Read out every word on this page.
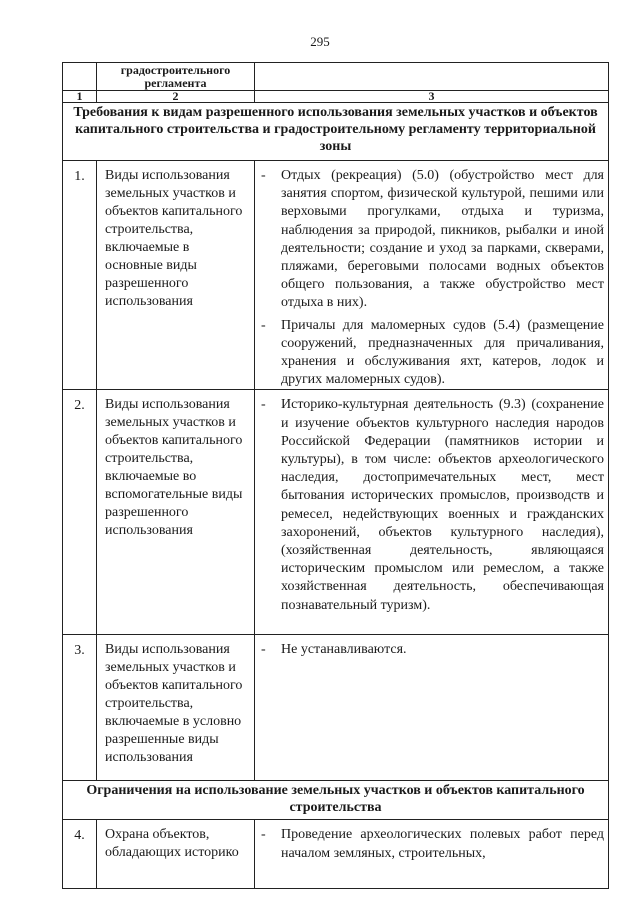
295
	градостроительного регламента	
1	2	3
Требования к видам разрешенного использования земельных участков и объектов капитального строительства и градостроительному регламенту территориальной зоны		
1.	Виды использования земельных участков и объектов капитального строительства, включаемые в основные виды разрешенного использования	- Отдых (рекреация) (5.0) (обустройство мест для занятия спортом, физической культурой, пешими или верховыми прогулками, отдыха и туризма, наблюдения за природой, пикников, рыбалки и иной деятельности; создание и уход за парками, скверами, пляжами, береговыми полосами водных объектов общего пользования, а также обустройство мест отдыха в них).
- Причалы для маломерных судов (5.4) (размещение сооружений, предназначенных для причаливания, хранения и обслуживания яхт, катеров, лодок и других маломерных судов).

2.	Виды использования земельных участков и объектов капитального строительства, включаемые во вспомогательные виды разрешенного использования	- Историко-культурная деятельность (9.3) (сохранение и изучение объектов культурного наследия народов Российской Федерации (памятников истории и культуры), в том числе: объектов археологического наследия, достопримечательных мест, мест бытования исторических промыслов, производств и ремесел, недействующих военных и гражданских захоронений, объектов культурного наследия), (хозяйственная деятельность, являющаяся историческим промыслом или ремеслом, а также хозяйственная деятельность, обеспечивающая познавательный туризм).

3.	Виды использования земельных участков и объектов капитального строительства, включаемые в условно разрешенные виды использования	- Не устанавливаются.

Ограничения на использование земельных участков и объектов капитального строительства		
4.	Охрана объектов, обладающих историко	- Проведение археологических полевых работ перед началом земляных, строительных,
